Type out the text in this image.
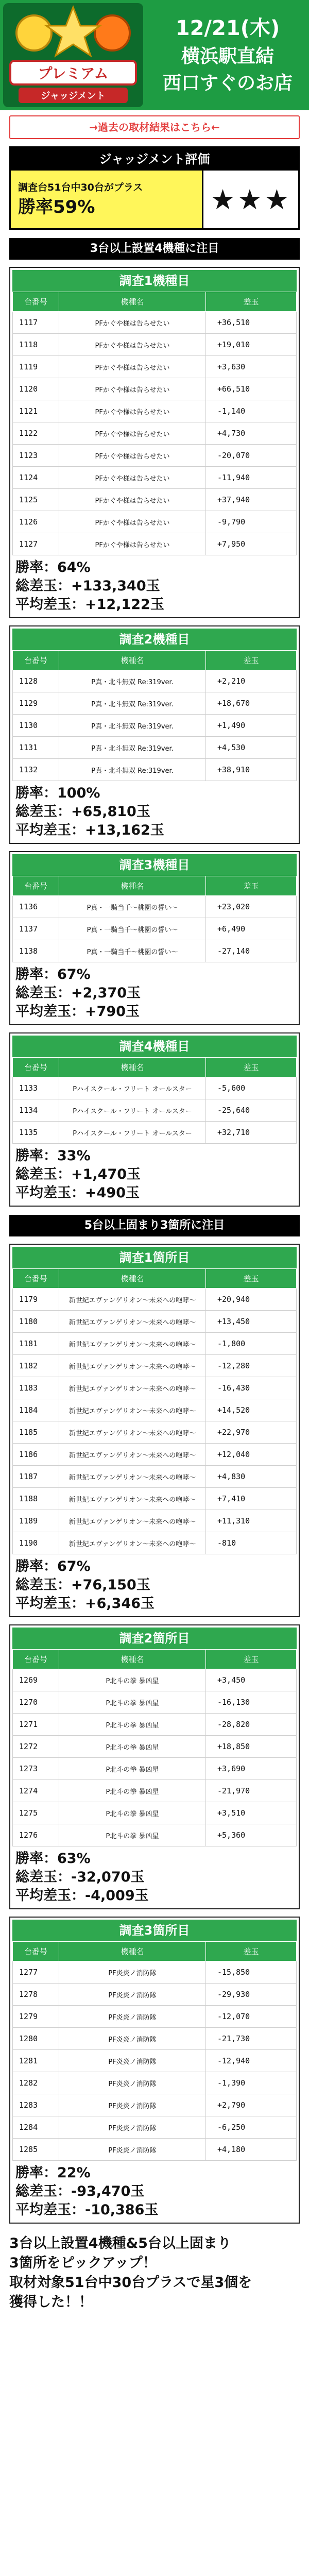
プレミアム
ジャッジメント
12/21(木)
横浜駅直結
西口すぐのお店
→過去の取材結果はこちら←
ジャッジメント評価
調査台51台中30台がプラス
勝率59%	★★★
3台以上設置4機種に注目
調査1機種目
台番号	機種名	差玉
1117	PFかぐや様は告らせたい	+36,510
1118	PFかぐや様は告らせたい	+19,010
1119	PFかぐや様は告らせたい	+3,630
1120	PFかぐや様は告らせたい	+66,510
1121	PFかぐや様は告らせたい	-1,140
1122	PFかぐや様は告らせたい	+4,730
1123	PFかぐや様は告らせたい	-20,070
1124	PFかぐや様は告らせたい	-11,940
1125	PFかぐや様は告らせたい	+37,940
1126	PFかぐや様は告らせたい	-9,790
1127	PFかぐや様は告らせたい	+7,950
勝率：64%
総差玉：+133,340玉
平均差玉：+12,122玉
調査2機種目
台番号	機種名	差玉
1128	P真・北斗無双 Re:319ver.	+2,210
1129	P真・北斗無双 Re:319ver.	+18,670
1130	P真・北斗無双 Re:319ver.	+1,490
1131	P真・北斗無双 Re:319ver.	+4,530
1132	P真・北斗無双 Re:319ver.	+38,910
勝率：100%
総差玉：+65,810玉
平均差玉：+13,162玉
調査3機種目
台番号	機種名	差玉
1136	P真・一騎当千～桃園の誓い～	+23,020
1137	P真・一騎当千～桃園の誓い～	+6,490
1138	P真・一騎当千～桃園の誓い～	-27,140
勝率：67%
総差玉：+2,370玉
平均差玉：+790玉
調査4機種目
台番号	機種名	差玉
1133	Pハイスクール・フリート オールスター	-5,600
1134	Pハイスクール・フリート オールスター	-25,640
1135	Pハイスクール・フリート オールスター	+32,710
勝率：33%
総差玉：+1,470玉
平均差玉：+490玉
5台以上固まり3箇所に注目
調査1箇所目
台番号	機種名	差玉
1179	新世紀エヴァンゲリオン～未来への咆哮～	+20,940
1180	新世紀エヴァンゲリオン～未来への咆哮～	+13,450
1181	新世紀エヴァンゲリオン～未来への咆哮～	-1,800
1182	新世紀エヴァンゲリオン～未来への咆哮～	-12,280
1183	新世紀エヴァンゲリオン～未来への咆哮～	-16,430
1184	新世紀エヴァンゲリオン～未来への咆哮～	+14,520
1185	新世紀エヴァンゲリオン～未来への咆哮～	+22,970
1186	新世紀エヴァンゲリオン～未来への咆哮～	+12,040
1187	新世紀エヴァンゲリオン～未来への咆哮～	+4,830
1188	新世紀エヴァンゲリオン～未来への咆哮～	+7,410
1189	新世紀エヴァンゲリオン～未来への咆哮～	+11,310
1190	新世紀エヴァンゲリオン～未来への咆哮～	-810
勝率：67%
総差玉：+76,150玉
平均差玉：+6,346玉
調査2箇所目
台番号	機種名	差玉
1269	P北斗の拳 暴凶星	+3,450
1270	P北斗の拳 暴凶星	-16,130
1271	P北斗の拳 暴凶星	-28,820
1272	P北斗の拳 暴凶星	+18,850
1273	P北斗の拳 暴凶星	+3,690
1274	P北斗の拳 暴凶星	-21,970
1275	P北斗の拳 暴凶星	+3,510
1276	P北斗の拳 暴凶星	+5,360
勝率：63%
総差玉：-32,070玉
平均差玉：-4,009玉
調査3箇所目
台番号	機種名	差玉
1277	PF炎炎ノ消防隊	-15,850
1278	PF炎炎ノ消防隊	-29,930
1279	PF炎炎ノ消防隊	-12,070
1280	PF炎炎ノ消防隊	-21,730
1281	PF炎炎ノ消防隊	-12,940
1282	PF炎炎ノ消防隊	-1,390
1283	PF炎炎ノ消防隊	+2,790
1284	PF炎炎ノ消防隊	-6,250
1285	PF炎炎ノ消防隊	+4,180
勝率：22%
総差玉：-93,470玉
平均差玉：-10,386玉
3台以上設置4機種&5台以上固まり
3箇所をピックアップ！
取材対象51台中30台プラスで星3個を
獲得した！！
